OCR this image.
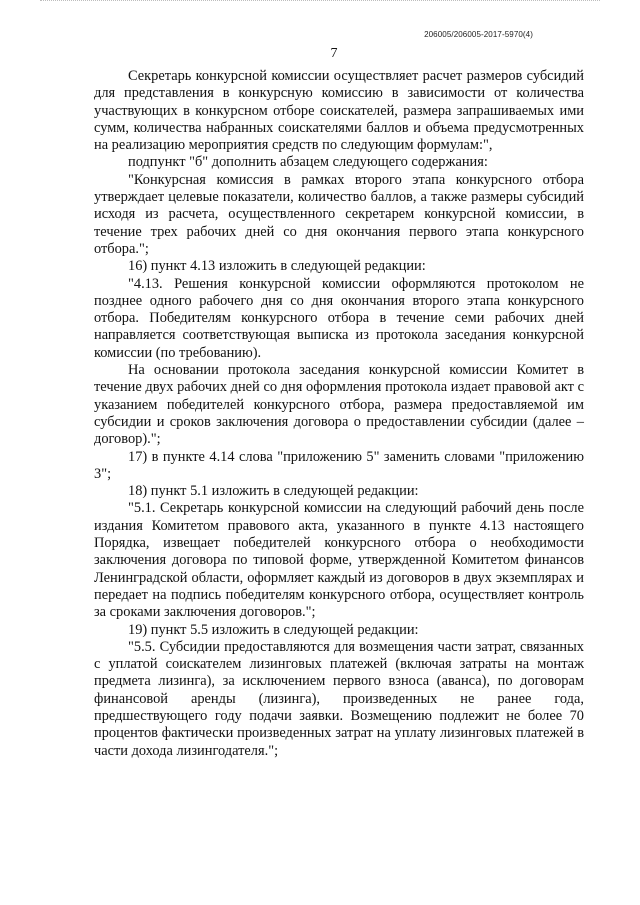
206005/206005-2017-5970(4)
7

Секретарь конкурсной комиссии осуществляет расчет размеров субсидий для представления в конкурсную комиссию в зависимости от количества участвующих в конкурсном отборе соискателей, размера запрашиваемых ими сумм, количества набранных соискателями баллов и объема предусмотренных на реализацию мероприятия средств по следующим формулам:",

подпункт "б" дополнить абзацем следующего содержания:

"Конкурсная комиссия в рамках второго этапа конкурсного отбора утверждает целевые показатели, количество баллов, а также размеры субсидий исходя из расчета, осуществленного секретарем конкурсной комиссии, в течение трех рабочих дней со дня окончания первого этапа конкурсного отбора.";

16) пункт 4.13 изложить в следующей редакции:

"4.13. Решения конкурсной комиссии оформляются протоколом не позднее одного рабочего дня со дня окончания второго этапа конкурсного отбора. Победителям конкурсного отбора в течение семи рабочих дней направляется соответствующая выписка из протокола заседания конкурсной комиссии (по требованию).

На основании протокола заседания конкурсной комиссии Комитет в течение двух рабочих дней со дня оформления протокола издает правовой акт с указанием победителей конкурсного отбора, размера предоставляемой им субсидии и сроков заключения договора о предоставлении субсидии (далее – договор).";

17) в пункте 4.14 слова "приложению 5" заменить словами "приложению 3";

18) пункт 5.1 изложить в следующей редакции:

"5.1. Секретарь конкурсной комиссии на следующий рабочий день после издания Комитетом правового акта, указанного в пункте 4.13 настоящего Порядка, извещает победителей конкурсного отбора о необходимости заключения договора по типовой форме, утвержденной Комитетом финансов Ленинградской области, оформляет каждый из договоров в двух экземплярах и передает на подпись победителям конкурсного отбора, осуществляет контроль за сроками заключения договоров.";

19) пункт 5.5 изложить в следующей редакции:

"5.5. Субсидии предоставляются для возмещения части затрат, связанных с уплатой соискателем лизинговых платежей (включая затраты на монтаж предмета лизинга), за исключением первого взноса (аванса), по договорам финансовой аренды (лизинга), произведенных не ранее года, предшествующего году подачи заявки. Возмещению подлежит не более 70 процентов фактически произведенных затрат на уплату лизинговых платежей в части дохода лизингодателя.";
